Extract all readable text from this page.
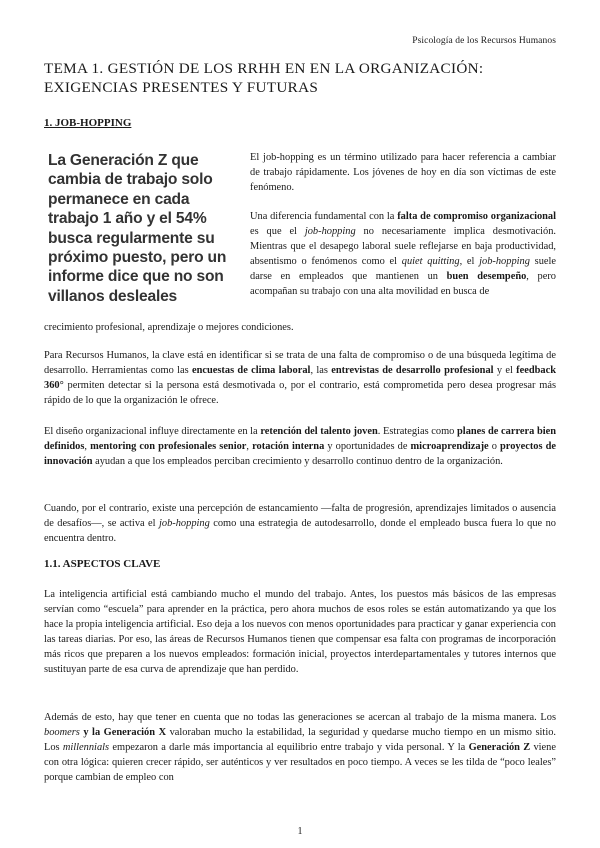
Psicología de los Recursos Humanos
TEMA 1. GESTIÓN DE LOS RRHH EN EN LA ORGANIZACIÓN: EXIGENCIAS PRESENTES Y FUTURAS
1. JOB-HOPPING

La Generación Z que cambia de trabajo solo permanece en cada trabajo 1 año y el 54% busca regularmente su próximo puesto, pero un informe dice que no son villanos desleales

El job-hopping es un término utilizado para hacer referencia a cambiar de trabajo rápidamente. Los jóvenes de hoy en día son víctimas de este fenómeno.

Una diferencia fundamental con la falta de compromiso organizacional es que el job-hopping no necesariamente implica desmotivación. Mientras que el desapego laboral suele reflejarse en baja productividad, absentismo o fenómenos como el quiet quitting, el job-hopping suele darse en empleados que mantienen un buen desempeño, pero acompañan su trabajo con una alta movilidad en busca de

crecimiento profesional, aprendizaje o mejores condiciones.

Para Recursos Humanos, la clave está en identificar si se trata de una falta de compromiso o de una búsqueda legítima de desarrollo. Herramientas como las encuestas de clima laboral, las entrevistas de desarrollo profesional y el feedback 360° permiten detectar si la persona está desmotivada o, por el contrario, está comprometida pero desea progresar más rápido de lo que la organización le ofrece.

El diseño organizacional influye directamente en la retención del talento joven. Estrategias como planes de carrera bien definidos, mentoring con profesionales senior, rotación interna y oportunidades de microaprendizaje o proyectos de innovación ayudan a que los empleados perciban crecimiento y desarrollo continuo dentro de la organización.

Cuando, por el contrario, existe una percepción de estancamiento —falta de progresión, aprendizajes limitados o ausencia de desafíos—, se activa el job-hopping como una estrategia de autodesarrollo, donde el empleado busca fuera lo que no encuentra dentro.

1.1. ASPECTOS CLAVE

La inteligencia artificial está cambiando mucho el mundo del trabajo. Antes, los puestos más básicos de las empresas servían como “escuela” para aprender en la práctica, pero ahora muchos de esos roles se están automatizando ya que los hace la propia inteligencia artificial. Eso deja a los nuevos con menos oportunidades para practicar y ganar experiencia con las tareas diarias. Por eso, las áreas de Recursos Humanos tienen que compensar esa falta con programas de incorporación más ricos que preparen a los nuevos empleados: formación inicial, proyectos interdepartamentales y tutores internos que sustituyan parte de esa curva de aprendizaje que han perdido.

Además de esto, hay que tener en cuenta que no todas las generaciones se acercan al trabajo de la misma manera. Los boomers y la Generación X valoraban mucho la estabilidad, la seguridad y quedarse mucho tiempo en un mismo sitio. Los millennials empezaron a darle más importancia al equilibrio entre trabajo y vida personal. Y la Generación Z viene con otra lógica: quieren crecer rápido, ser auténticos y ver resultados en poco tiempo. A veces se les tilda de “poco leales” porque cambian de empleo con

1
